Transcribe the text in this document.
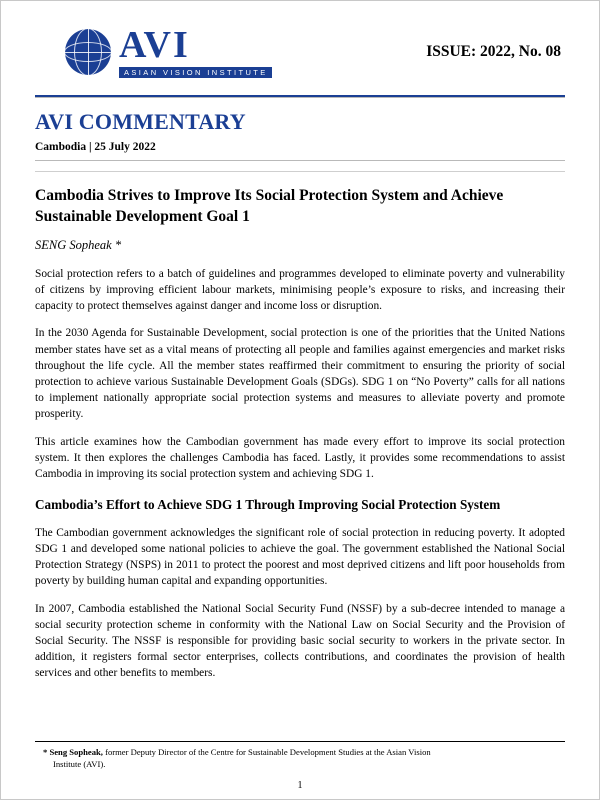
AVI
ASIAN VISION INSTITUTE
ISSUE: 2022, No. 08
AVI COMMENTARY
Cambodia | 25 July 2022
Cambodia Strives to Improve Its Social Protection System and Achieve Sustainable Development Goal 1
SENG Sopheak *

Social protection refers to a batch of guidelines and programmes developed to eliminate poverty and vulnerability of citizens by improving efficient labour markets, minimising people’s exposure to risks, and increasing their capacity to protect themselves against danger and income loss or disruption.

In the 2030 Agenda for Sustainable Development, social protection is one of the priorities that the United Nations member states have set as a vital means of protecting all people and families against emergencies and market risks throughout the life cycle. All the member states reaffirmed their commitment to ensuring the priority of social protection to achieve various Sustainable Development Goals (SDGs). SDG 1 on “No Poverty” calls for all nations to implement nationally appropriate social protection systems and measures to alleviate poverty and promote prosperity.

This article examines how the Cambodian government has made every effort to improve its social protection system. It then explores the challenges Cambodia has faced. Lastly, it provides some recommendations to assist Cambodia in improving its social protection system and achieving SDG 1.

Cambodia’s Effort to Achieve SDG 1 Through Improving Social Protection System

The Cambodian government acknowledges the significant role of social protection in reducing poverty. It adopted SDG 1 and developed some national policies to achieve the goal. The government established the National Social Protection Strategy (NSPS) in 2011 to protect the poorest and most deprived citizens and lift poor households from poverty by building human capital and expanding opportunities.

In 2007, Cambodia established the National Social Security Fund (NSSF) by a sub-decree intended to manage a social security protection scheme in conformity with the National Law on Social Security and the Provision of Social Security. The NSSF is responsible for providing basic social security to workers in the private sector. In addition, it registers formal sector enterprises, collects contributions, and coordinates the provision of health services and other benefits to members.

* Seng Sopheak, former Deputy Director of the Centre for Sustainable Development Studies at the Asian Vision
Institute (AVI).
1
